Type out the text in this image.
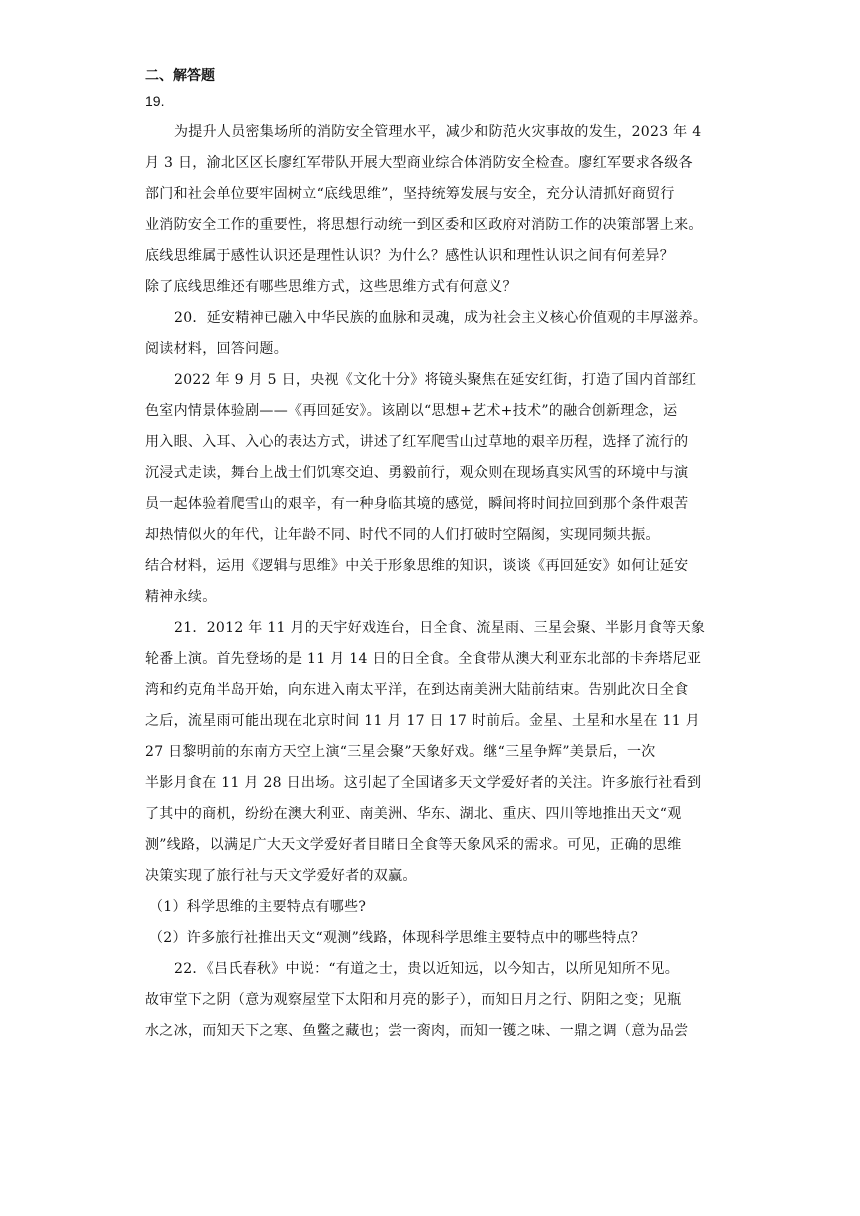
二、解答题
19.
为提升人员密集场所的消防安全管理水平，减少和防范火灾事故的发生，2023 年 4
月 3 日，渝北区区长廖红军带队开展大型商业综合体消防安全检查。廖红军要求各级各
部门和社会单位要牢固树立“底线思维”，坚持统筹发展与安全，充分认清抓好商贸行
业消防安全工作的重要性，将思想行动统一到区委和区政府对消防工作的决策部署上来。
底线思维属于感性认识还是理性认识？为什么？感性认识和理性认识之间有何差异？
除了底线思维还有哪些思维方式，这些思维方式有何意义？
20．延安精神已融入中华民族的血脉和灵魂，成为社会主义核心价值观的丰厚滋养。
阅读材料，回答问题。
2022 年 9 月 5 日，央视《文化十分》将镜头聚焦在延安红街，打造了国内首部红
色室内情景体验剧——《再回延安》。该剧以“思想+艺术+技术”的融合创新理念，运
用入眼、入耳、入心的表达方式，讲述了红军爬雪山过草地的艰辛历程，选择了流行的
沉浸式走读，舞台上战士们饥寒交迫、勇毅前行，观众则在现场真实风雪的环境中与演
员一起体验着爬雪山的艰辛，有一种身临其境的感觉，瞬间将时间拉回到那个条件艰苦
却热情似火的年代，让年龄不同、时代不同的人们打破时空隔阂，实现同频共振。
结合材料，运用《逻辑与思维》中关于形象思维的知识，谈谈《再回延安》如何让延安
精神永续。
21．2012 年 11 月的天宇好戏连台，日全食、流星雨、三星会聚、半影月食等天象
轮番上演。首先登场的是 11 月 14 日的日全食。全食带从澳大利亚东北部的卡奔塔尼亚
湾和约克角半岛开始，向东进入南太平洋，在到达南美洲大陆前结束。告别此次日全食
之后，流星雨可能出现在北京时间 11 月 17 日 17 时前后。金星、土星和水星在 11 月
27 日黎明前的东南方天空上演“三星会聚”天象好戏。继“三星争辉”美景后，一次
半影月食在 11 月 28 日出场。这引起了全国诸多天文学爱好者的关注。许多旅行社看到
了其中的商机，纷纷在澳大利亚、南美洲、华东、湖北、重庆、四川等地推出天文“观
测”线路，以满足广大天文学爱好者目睹日全食等天象风采的需求。可见，正确的思维
决策实现了旅行社与天文学爱好者的双赢。
（1）科学思维的主要特点有哪些?
（2）许多旅行社推出天文“观测”线路，体现科学思维主要特点中的哪些特点？
22．《吕氏春秋》中说：“有道之士，贵以近知远，以今知古，以所见知所不见。
故审堂下之阴（意为观察屋堂下太阳和月亮的影子），而知日月之行、阴阳之变；见瓶
水之冰，而知天下之寒、鱼鳖之藏也；尝一脔肉，而知一镬之味、一鼎之调（意为品尝
